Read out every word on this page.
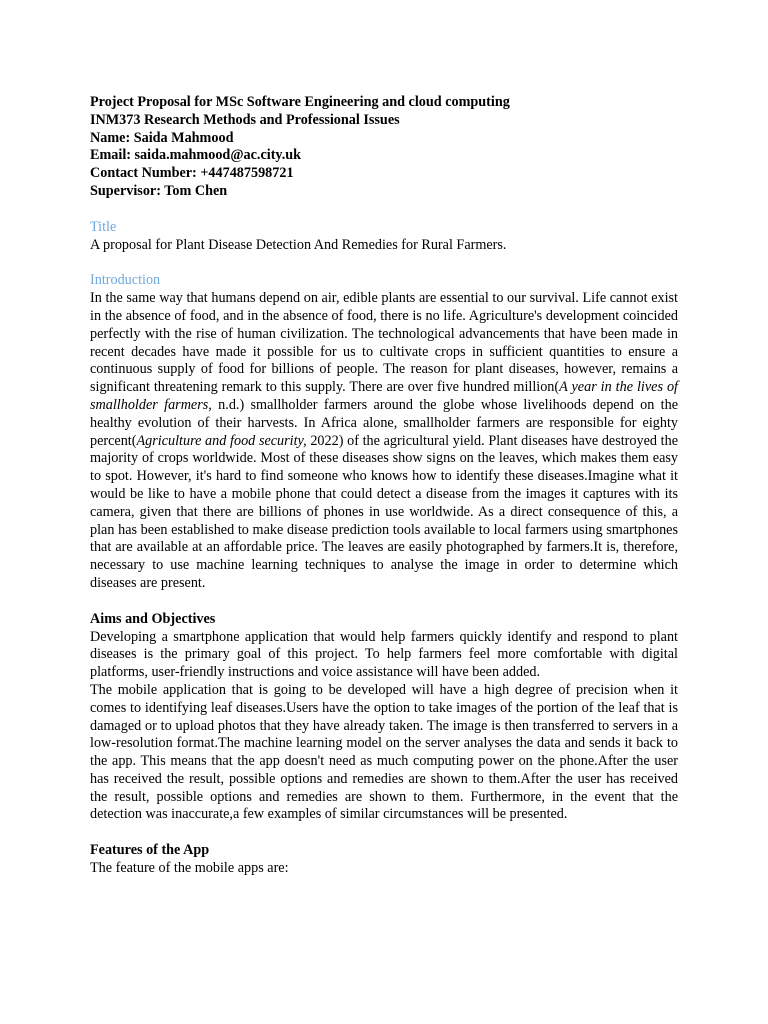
Project Proposal for MSc Software Engineering and cloud computing
INM373 Research Methods and Professional Issues
Name: Saida Mahmood
Email: saida.mahmood@ac.city.uk
Contact Number: +447487598721
Supervisor: Tom Chen
Title

A proposal for Plant Disease Detection And Remedies for Rural Farmers.

Introduction

In the same way that humans depend on air, edible plants are essential to our survival. Life cannot exist in the absence of food, and in the absence of food, there is no life. Agriculture's development coincided perfectly with the rise of human civilization. The technological advancements that have been made in recent decades have made it possible for us to cultivate crops in sufficient quantities to ensure a continuous supply of food for billions of people. The reason for plant diseases, however, remains a significant threatening remark to this supply. There are over five hundred million(A year in the lives of smallholder farmers, n.d.) smallholder farmers around the globe whose livelihoods depend on the healthy evolution of their harvests. In Africa alone, smallholder farmers are responsible for eighty percent(Agriculture and food security, 2022) of the agricultural yield. Plant diseases have destroyed the majority of crops worldwide. Most of these diseases show signs on the leaves, which makes them easy to spot. However, it's hard to find someone who knows how to identify these diseases.Imagine what it would be like to have a mobile phone that could detect a disease from the images it captures with its camera, given that there are billions of phones in use worldwide. As a direct consequence of this, a plan has been established to make disease prediction tools available to local farmers using smartphones that are available at an affordable price. The leaves are easily photographed by farmers.It is, therefore, necessary to use machine learning techniques to analyse the image in order to determine which diseases are present.

Aims and Objectives

Developing a smartphone application that would help farmers quickly identify and respond to plant diseases is the primary goal of this project. To help farmers feel more comfortable with digital platforms, user-friendly instructions and voice assistance will have been added.

The mobile application that is going to be developed will have a high degree of precision when it comes to identifying leaf diseases.Users have the option to take images of the portion of the leaf that is damaged or to upload photos that they have already taken. The image is then transferred to servers in a low-resolution format.The machine learning model on the server analyses the data and sends it back to the app. This means that the app doesn't need as much computing power on the phone.After the user has received the result, possible options and remedies are shown to them.After the user has received the result, possible options and remedies are shown to them. Furthermore, in the event that the detection was inaccurate,a few examples of similar circumstances will be presented.

Features of the App

The feature of the mobile apps are:
